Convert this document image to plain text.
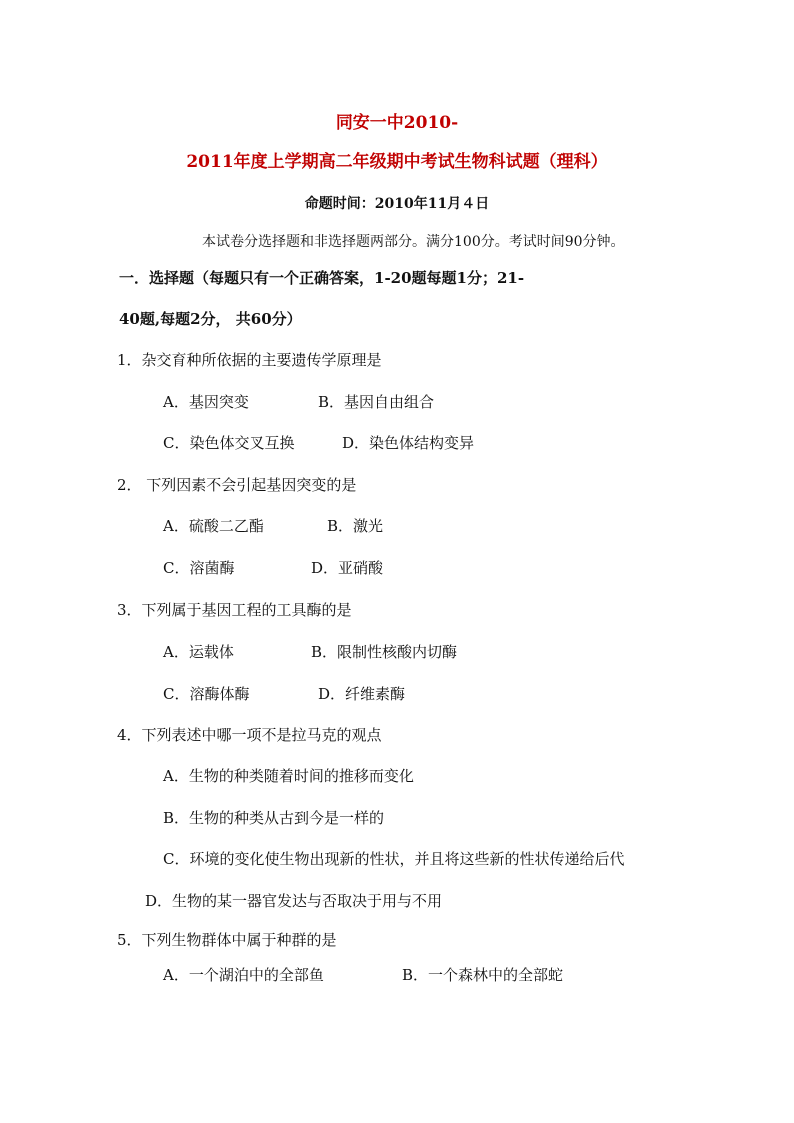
同安一中2010-
2011年度上学期高二年级期中考试生物科试题（理科）
命题时间：2010年11月４日
本试卷分选择题和非选择题两部分。满分100分。考试时间90分钟。
一．选择题（每题只有一个正确答案，1-20题每题1分；21-
40题,每题2分， 共60分）
1．杂交育种所依据的主要遗传学原理是
A．基因突变	B．基因自由组合
C．染色体交叉互换	D．染色体结构变异
2． 下列因素不会引起基因突变的是
A．硫酸二乙酯	B．激光
C．溶菌酶	D．亚硝酸
3．下列属于基因工程的工具酶的是
A．运载体	B．限制性核酸内切酶
C．溶酶体酶	D．纤维素酶
4．下列表述中哪一项不是拉马克的观点
A．生物的种类随着时间的推移而变化
B．生物的种类从古到今是一样的
C．环境的变化使生物出现新的性状，并且将这些新的性状传递给后代
D．生物的某一器官发达与否取决于用与不用
5．下列生物群体中属于种群的是
A．一个湖泊中的全部鱼	B．一个森林中的全部蛇
